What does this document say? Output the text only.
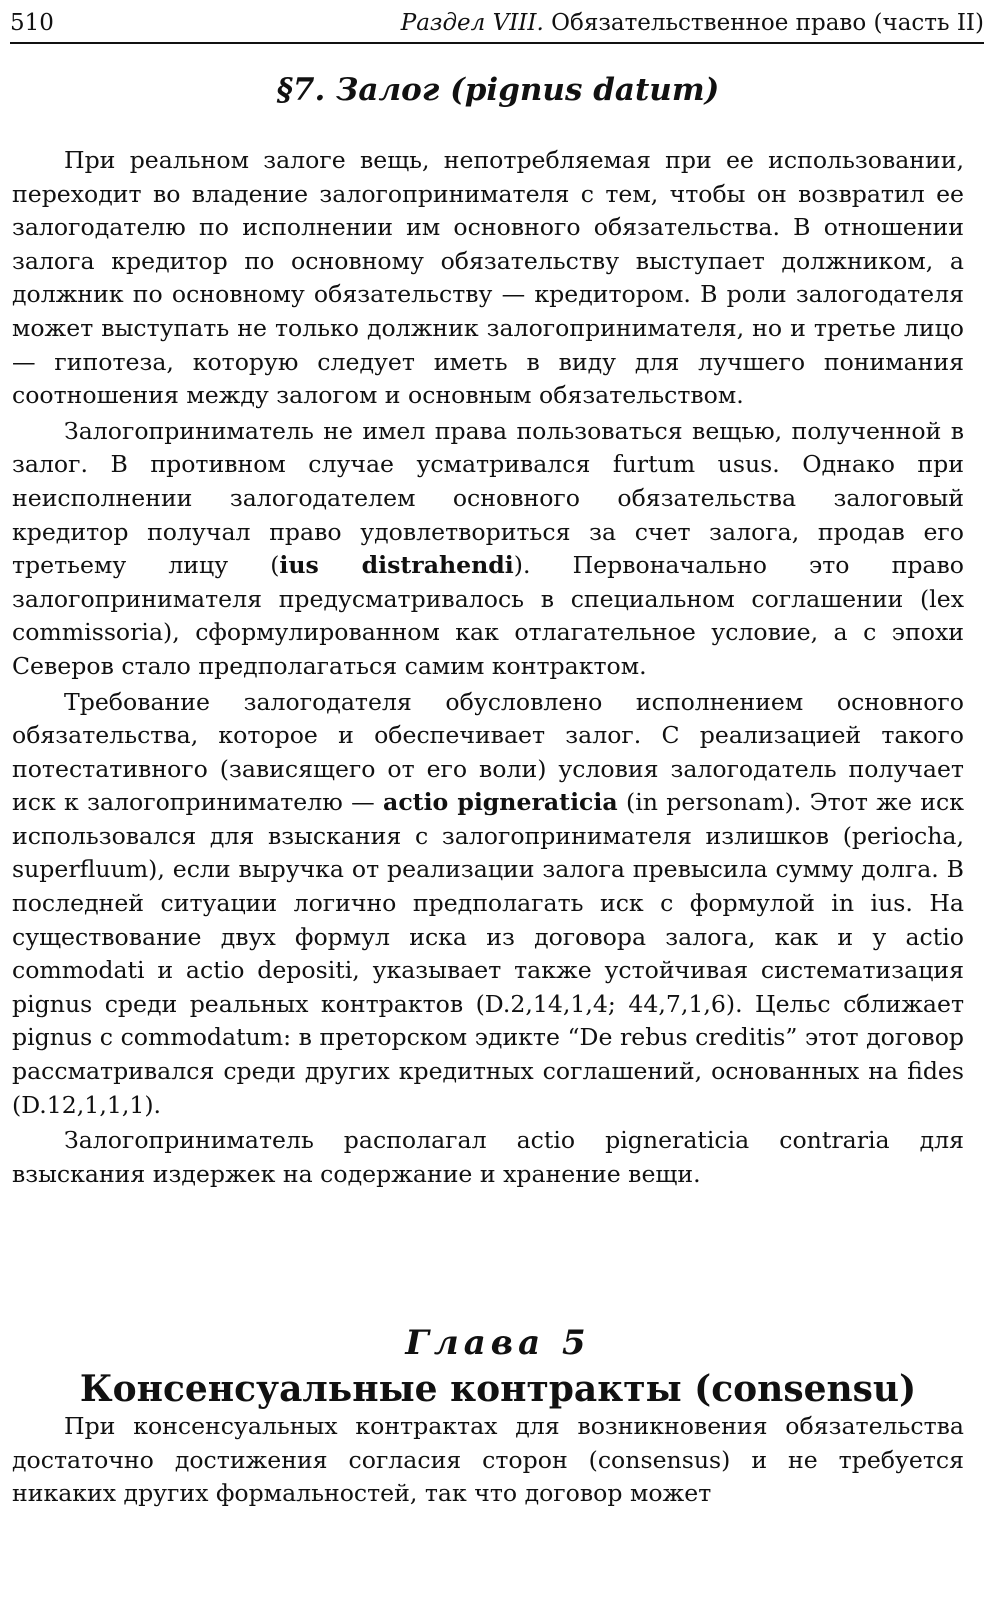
510	Раздел VIII. Обязательственное право (часть II)
§7. Залог (pignus datum)

При реальном залоге вещь, непотребляемая при ее использовании, переходит во владение залогопринимателя с тем, чтобы он возвратил ее залогодателю по исполнении им основного обязательства. В отношении залога кредитор по основному обязательству выступает должником, а должник по основному обязательству — кредитором. В роли залогодателя может выступать не только должник залогопринимателя, но и третье лицо — гипотеза, которую следует иметь в виду для лучшего понимания соотношения между залогом и основным обязательством.

Залогоприниматель не имел права пользоваться вещью, полученной в залог. В противном случае усматривался furtum usus. Однако при неисполнении залогодателем основного обязательства залоговый кредитор получал право удовлетвориться за счет залога, продав его третьему лицу (ius distrahendi). Первоначально это право залогопринимателя предусматривалось в специальном соглашении (lex commissoria), сформулированном как отлагательное условие, а с эпохи Северов стало предполагаться самим контрактом.

Требование залогодателя обусловлено исполнением основного обязательства, которое и обеспечивает залог. С реализацией такого потестативного (зависящего от его воли) условия залогодатель получает иск к залогопринимателю — actio pigneraticia (in personam). Этот же иск использовался для взыскания с залогопринимателя излишков (periocha, superfluum), если выручка от реализации залога превысила сумму долга. В последней ситуации логично предполагать иск с формулой in ius. На существование двух формул иска из договора залога, как и у actio commodati и actio depositi, указывает также устойчивая систематизация pignus среди реальных контрактов (D.2,14,1,4; 44,7,1,6). Цельс сближает pignus с commodatum: в преторском эдикте “De rebus creditis” этот договор рассматривался среди других кредитных соглашений, основанных на fides (D.12,1,1,1).

Залогоприниматель располагал actio pigneraticia contraria для взыскания издержек на содержание и хранение вещи.

Глава 5
Консенсуальные контракты (consensu)

При консенсуальных контрактах для возникновения обязательства достаточно достижения согласия сторон (consensus) и не требуется никаких других формальностей, так что договор может
